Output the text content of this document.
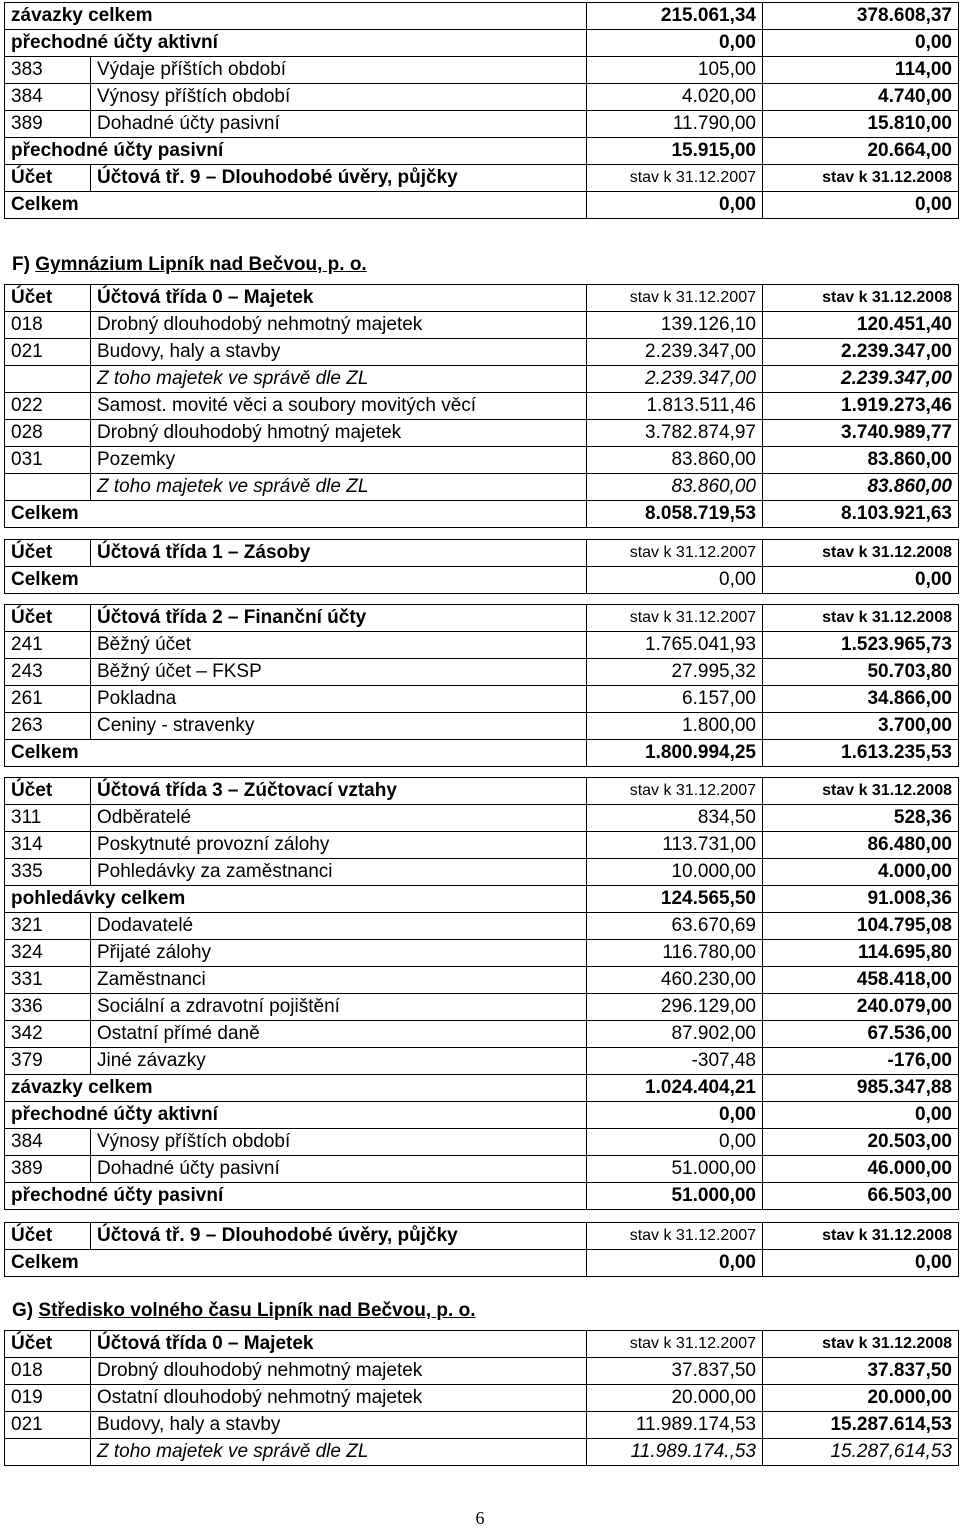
závazky celkem		215.061,34	378.608,37
přechodné účty aktivní		0,00	0,00
383	Výdaje příštích období	105,00	114,00
384	Výnosy příštích období	4.020,00	4.740,00
389	Dohadné účty pasivní	11.790,00	15.810,00
přechodné účty pasivní		15.915,00	20.664,00
Účet	Účtová tř. 9 – Dlouhodobé úvěry, půjčky	stav k 31.12.2007	stav k 31.12.2008
Celkem		0,00	0,00
F) Gymnázium Lipník nad Bečvou, p. o.
Účet	Účtová třída 0 – Majetek	stav k 31.12.2007	stav k 31.12.2008
018	Drobný dlouhodobý nehmotný majetek	139.126,10	120.451,40
021	Budovy, haly a stavby	2.239.347,00	2.239.347,00
	Z toho majetek ve správě dle ZL	2.239.347,00	2.239.347,00
022	Samost. movité věci a soubory movitých věcí	1.813.511,46	1.919.273,46
028	Drobný dlouhodobý hmotný majetek	3.782.874,97	3.740.989,77
031	Pozemky	83.860,00	83.860,00
	Z toho majetek ve správě dle ZL	83.860,00	83.860,00
Celkem		8.058.719,53	8.103.921,63
Účet	Účtová třída 1 – Zásoby	stav k 31.12.2007	stav k 31.12.2008
Celkem		0,00	0,00
Účet	Účtová třída 2 – Finanční účty	stav k 31.12.2007	stav k 31.12.2008
241	Běžný účet	1.765.041,93	1.523.965,73
243	Běžný účet – FKSP	27.995,32	50.703,80
261	Pokladna	6.157,00	34.866,00
263	Ceniny - stravenky	1.800,00	3.700,00
Celkem		1.800.994,25	1.613.235,53
Účet	Účtová třída 3 – Zúčtovací vztahy	stav k 31.12.2007	stav k 31.12.2008
311	Odběratelé	834,50	528,36
314	Poskytnuté provozní zálohy	113.731,00	86.480,00
335	Pohledávky za zaměstnanci	10.000,00	4.000,00
pohledávky celkem		124.565,50	91.008,36
321	Dodavatelé	63.670,69	104.795,08
324	Přijaté zálohy	116.780,00	114.695,80
331	Zaměstnanci	460.230,00	458.418,00
336	Sociální a zdravotní pojištění	296.129,00	240.079,00
342	Ostatní přímé daně	87.902,00	67.536,00
379	Jiné závazky	-307,48	-176,00
závazky celkem		1.024.404,21	985.347,88
přechodné účty aktivní		0,00	0,00
384	Výnosy příštích období	0,00	20.503,00
389	Dohadné účty pasivní	51.000,00	46.000,00
přechodné účty pasivní		51.000,00	66.503,00
Účet	Účtová tř. 9 – Dlouhodobé úvěry, půjčky	stav k 31.12.2007	stav k 31.12.2008
Celkem		0,00	0,00
G) Středisko volného času Lipník nad Bečvou, p. o.
Účet	Účtová třída 0 – Majetek	stav k 31.12.2007	stav k 31.12.2008
018	Drobný dlouhodobý nehmotný majetek	37.837,50	37.837,50
019	Ostatní dlouhodobý nehmotný majetek	20.000,00	20.000,00
021	Budovy, haly a stavby	11.989.174,53	15.287.614,53
	Z toho majetek ve správě dle ZL	11.989.174.,53	15.287,614,53
6
